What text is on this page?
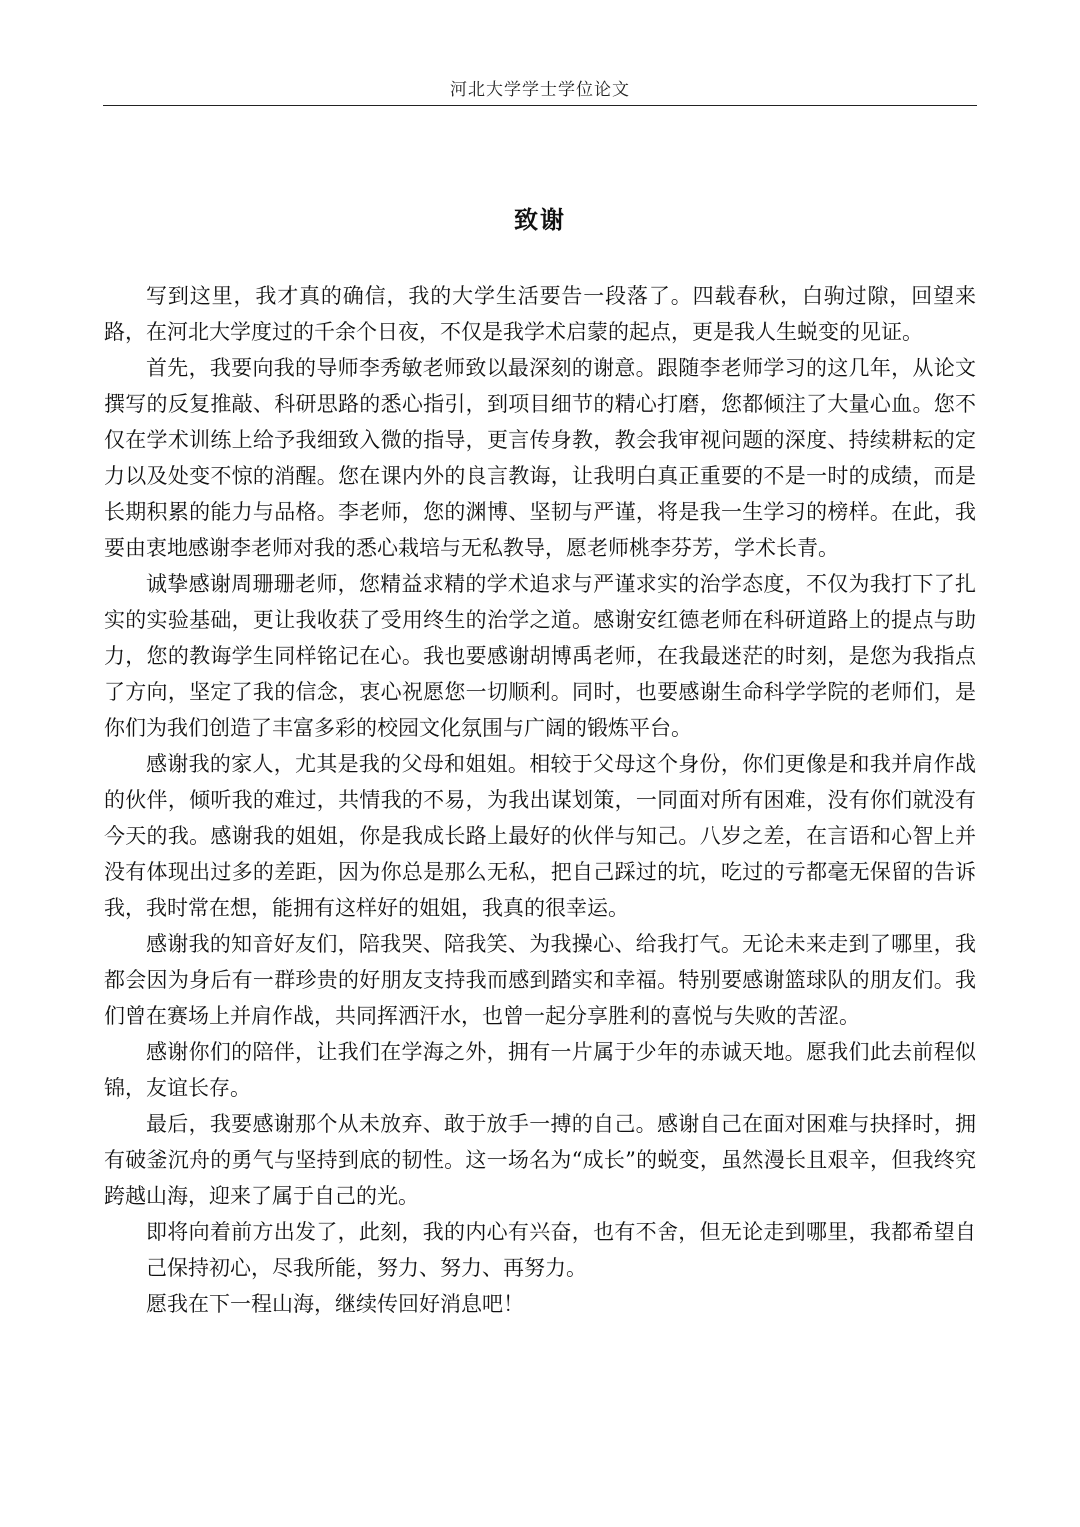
河北大学学士学位论文
致谢

写到这里，我才真的确信，我的大学生活要告一段落了。四载春秋，白驹过隙，回望来路，在河北大学度过的千余个日夜，不仅是我学术启蒙的起点，更是我人生蜕变的见证。

首先，我要向我的导师李秀敏老师致以最深刻的谢意。跟随李老师学习的这几年，从论文撰写的反复推敲、科研思路的悉心指引，到项目细节的精心打磨，您都倾注了大量心血。您不仅在学术训练上给予我细致入微的指导，更言传身教，教会我审视问题的深度、持续耕耘的定力以及处变不惊的消醒。您在课内外的良言教诲，让我明白真正重要的不是一时的成绩，而是长期积累的能力与品格。李老师，您的渊博、坚韧与严谨，将是我一生学习的榜样。在此，我要由衷地感谢李老师对我的悉心栽培与无私教导，愿老师桃李芬芳，学术长青。

诚挚感谢周珊珊老师，您精益求精的学术追求与严谨求实的治学态度，不仅为我打下了扎实的实验基础，更让我收获了受用终生的治学之道。感谢安红德老师在科研道路上的提点与助力，您的教诲学生同样铭记在心。我也要感谢胡博禹老师，在我最迷茫的时刻，是您为我指点了方向，坚定了我的信念，衷心祝愿您一切顺利。同时，也要感谢生命科学学院的老师们，是你们为我们创造了丰富多彩的校园文化氛围与广阔的锻炼平台。

感谢我的家人，尤其是我的父母和姐姐。相较于父母这个身份，你们更像是和我并肩作战的伙伴，倾听我的难过，共情我的不易，为我出谋划策，一同面对所有困难，没有你们就没有今天的我。感谢我的姐姐，你是我成长路上最好的伙伴与知己。八岁之差，在言语和心智上并没有体现出过多的差距，因为你总是那么无私，把自己踩过的坑，吃过的亏都毫无保留的告诉我，我时常在想，能拥有这样好的姐姐，我真的很幸运。

感谢我的知音好友们，陪我哭、陪我笑、为我操心、给我打气。无论未来走到了哪里，我都会因为身后有一群珍贵的好朋友支持我而感到踏实和幸福。特别要感谢篮球队的朋友们。我们曾在赛场上并肩作战，共同挥洒汗水，也曾一起分享胜利的喜悦与失败的苦涩。

感谢你们的陪伴，让我们在学海之外，拥有一片属于少年的赤诚天地。愿我们此去前程似锦，友谊长存。

最后，我要感谢那个从未放弃、敢于放手一搏的自己。感谢自己在面对困难与抉择时，拥有破釜沉舟的勇气与坚持到底的韧性。这一场名为“成长”的蜕变，虽然漫长且艰辛，但我终究跨越山海，迎来了属于自己的光。

即将向着前方出发了，此刻，我的内心有兴奋，也有不舍，但无论走到哪里，我都希望自己保持初心，尽我所能，努力、努力、再努力。

愿我在下一程山海，继续传回好消息吧！
